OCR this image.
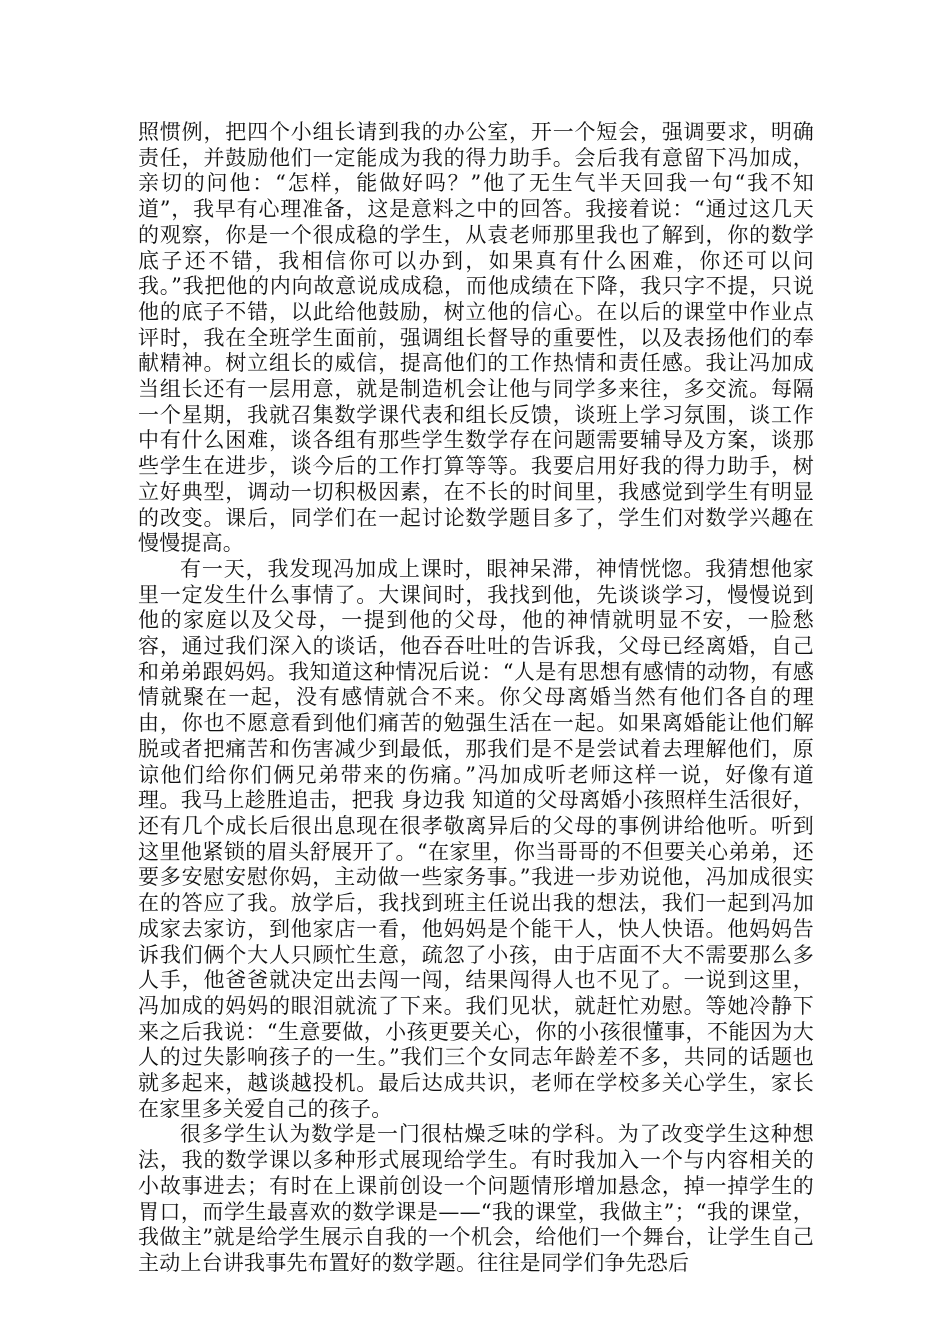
照惯例，把四个小组长请到我的办公室，开一个短会，强调要求，明确责任，并鼓励他们一定能成为我的得力助手。会后我有意留下冯加成，亲切的问他：“怎样，能做好吗？”他了无生气半天回我一句“我不知道”，我早有心理准备，这是意料之中的回答。我接着说：“通过这几天的观察，你是一个很成稳的学生，从袁老师那里我也了解到，你的数学底子还不错，我相信你可以办到，如果真有什么困难，你还可以问我。”我把他的内向故意说成成稳，而他成绩在下降，我只字不提，只说他的底子不错，以此给他鼓励，树立他的信心。在以后的课堂中作业点评时，我在全班学生面前，强调组长督导的重要性，以及表扬他们的奉献精神。树立组长的威信，提高他们的工作热情和责任感。我让冯加成当组长还有一层用意，就是制造机会让他与同学多来往，多交流。每隔一个星期，我就召集数学课代表和组长反馈，谈班上学习氛围，谈工作中有什么困难，谈各组有那些学生数学存在问题需要辅导及方案，谈那些学生在进步，谈今后的工作打算等等。我要启用好我的得力助手，树立好典型，调动一切积极因素，在不长的时间里，我感觉到学生有明显的改变。课后，同学们在一起讨论数学题目多了，学生们对数学兴趣在慢慢提高。

有一天，我发现冯加成上课时，眼神呆滞，神情恍惚。我猜想他家里一定发生什么事情了。大课间时，我找到他，先谈谈学习，慢慢说到他的家庭以及父母，一提到他的父母，他的神情就明显不安，一脸愁容，通过我们深入的谈话，他吞吞吐吐的告诉我，父母已经离婚，自己和弟弟跟妈妈。我知道这种情况后说：“人是有思想有感情的动物，有感情就聚在一起，没有感情就合不来。你父母离婚当然有他们各自的理由，你也不愿意看到他们痛苦的勉强生活在一起。如果离婚能让他们解脱或者把痛苦和伤害减少到最低，那我们是不是尝试着去理解他们，原谅他们给你们俩兄弟带来的伤痛。”冯加成听老师这样一说，好像有道理。我马上趁胜追击，把我 身边我 知道的父母离婚小孩照样生活很好，还有几个成长后很出息现在很孝敬离异后的父母的事例讲给他听。听到这里他紧锁的眉头舒展开了。“在家里，你当哥哥的不但要关心弟弟，还要多安慰安慰你妈，主动做一些家务事。”我进一步劝说他，冯加成很实在的答应了我。放学后，我找到班主任说出我的想法，我们一起到冯加成家去家访，到他家店一看，他妈妈是个能干人，快人快语。他妈妈告诉我们俩个大人只顾忙生意，疏忽了小孩，由于店面不大不需要那么多人手，他爸爸就决定出去闯一闯，结果闯得人也不见了。一说到这里，冯加成的妈妈的眼泪就流了下来。我们见状，就赶忙劝慰。等她冷静下来之后我说：“生意要做，小孩更要关心，你的小孩很懂事，不能因为大人的过失影响孩子的一生。”我们三个女同志年龄差不多，共同的话题也就多起来，越谈越投机。最后达成共识，老师在学校多关心学生，家长在家里多关爱自己的孩子。

很多学生认为数学是一门很枯燥乏味的学科。为了改变学生这种想法，我的数学课以多种形式展现给学生。有时我加入一个与内容相关的小故事进去；有时在上课前创设一个问题情形增加悬念，掉一掉学生的胃口，而学生最喜欢的数学课是——“我的课堂，我做主”；“我的课堂，我做主”就是给学生展示自我的一个机会，给他们一个舞台，让学生自己主动上台讲我事先布置好的数学题。往往是同学们争先恐后
